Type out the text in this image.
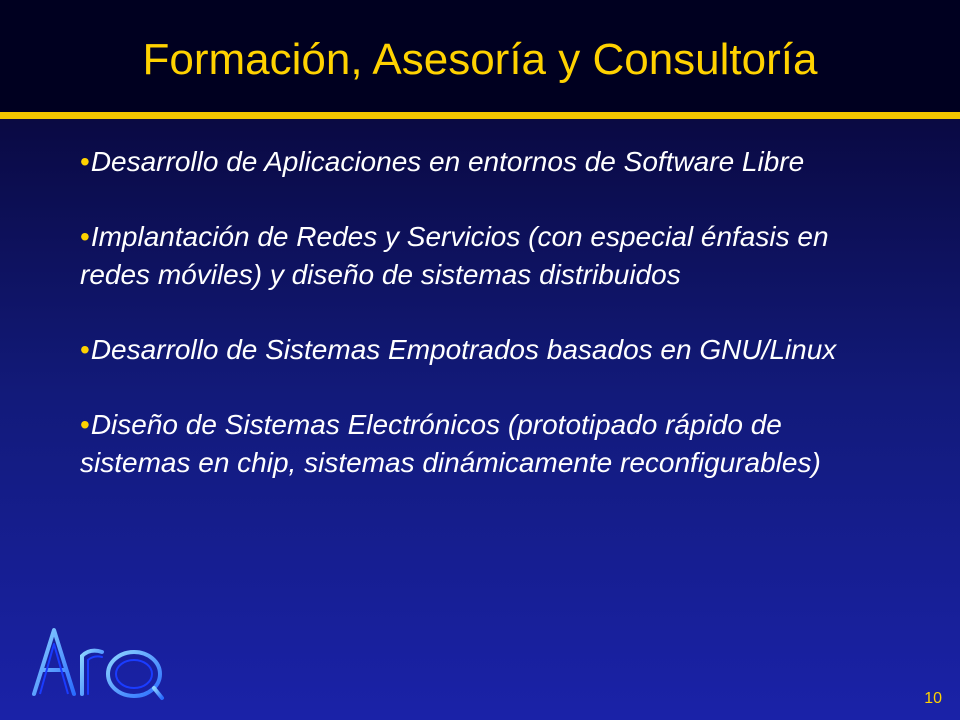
Formación, Asesoría y Consultoría
•Desarrollo de Aplicaciones en entornos de Software Libre
•Implantación de Redes y Servicios (con especial énfasis en redes móviles) y diseño de sistemas distribuidos
•Desarrollo de Sistemas Empotrados basados en GNU/Linux
•Diseño de Sistemas Electrónicos (prototipado rápido de sistemas en chip, sistemas dinámicamente reconfigurables)
10
